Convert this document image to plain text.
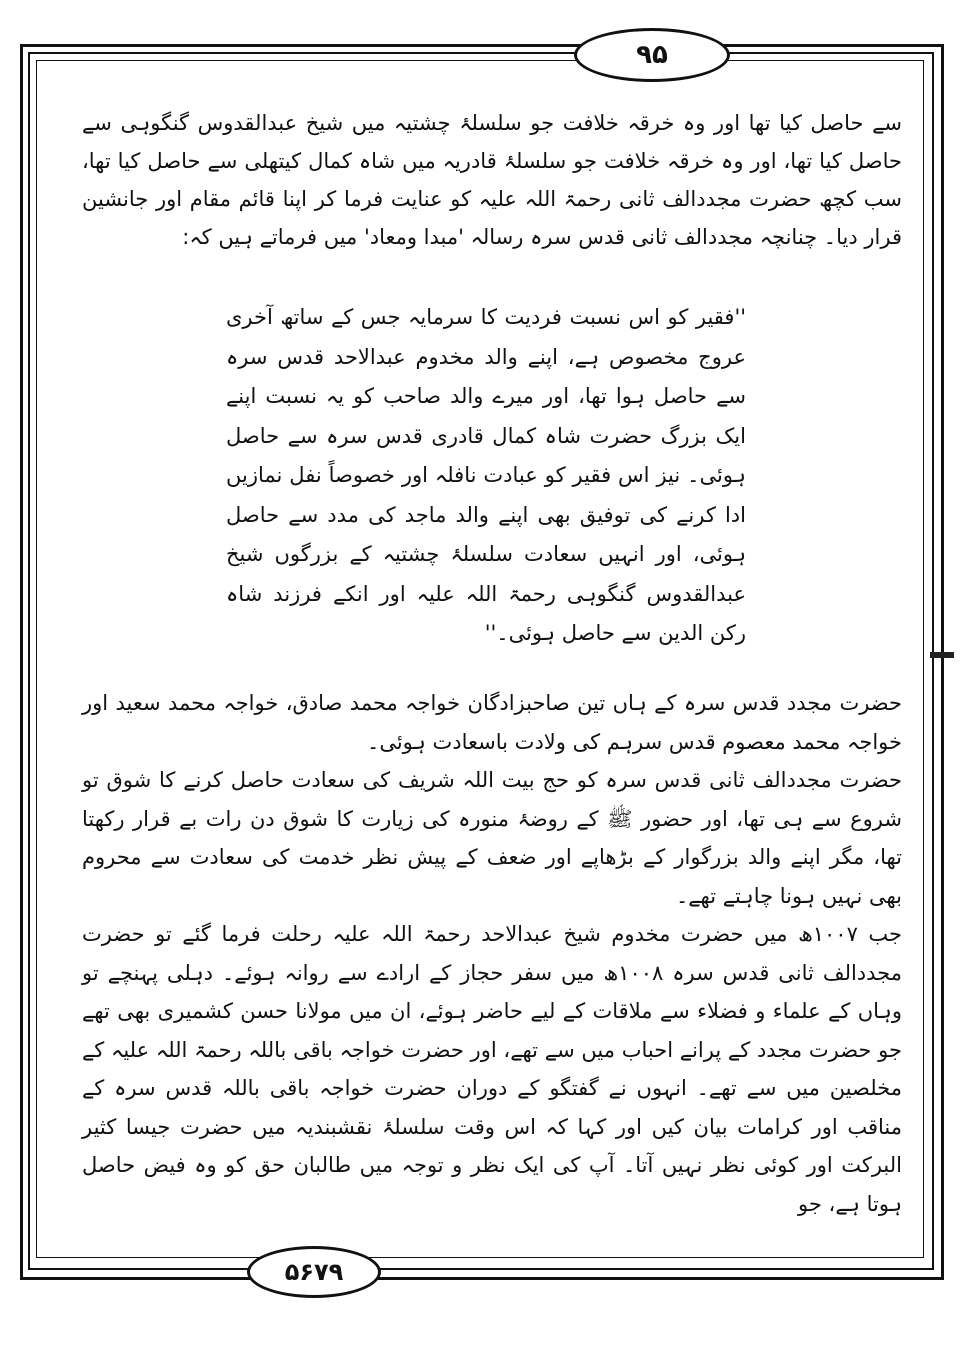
۹۵

سے حاصل کیا تھا اور وہ خرقہ خلافت جو سلسلۂ چشتیہ میں شیخ عبدالقدوس گنگوہی سے حاصل کیا تھا، اور وہ خرقہ خلافت جو سلسلۂ قادریہ میں شاہ کمال کیتھلی سے حاصل کیا تھا، سب کچھ حضرت مجددالف ثانی رحمۃ اللہ علیہ کو عنایت فرما کر اپنا قائم مقام اور جانشین قرار دیا۔ چنانچہ مجددالف ثانی قدس سرہ رسالہ 'مبدا ومعاد' میں فرماتے ہیں کہ:

''فقیر کو اس نسبت فردیت کا سرمایہ جس کے ساتھ آخری عروج مخصوص ہے، اپنے والد مخدوم عبدالاحد قدس سرہ سے حاصل ہوا تھا، اور میرے والد صاحب کو یہ نسبت اپنے ایک بزرگ حضرت شاہ کمال قادری قدس سرہ سے حاصل ہوئی۔ نیز اس فقیر کو عبادت نافلہ اور خصوصاً نفل نمازیں ادا کرنے کی توفیق بھی اپنے والد ماجد کی مدد سے حاصل ہوئی، اور انہیں سعادت سلسلۂ چشتیہ کے بزرگوں شیخ عبدالقدوس گنگوہی رحمۃ اللہ علیہ اور انکے فرزند شاہ رکن الدین سے حاصل ہوئی۔''

حضرت مجدد قدس سرہ کے ہاں تین صاحبزادگان خواجہ محمد صادق، خواجہ محمد سعید اور خواجہ محمد معصوم قدس سرہم کی ولادت باسعادت ہوئی۔

حضرت مجددالف ثانی قدس سرہ کو حج بیت اللہ شریف کی سعادت حاصل کرنے کا شوق تو شروع سے ہی تھا، اور حضور ﷺ کے روضۂ منورہ کی زیارت کا شوق دن رات بے قرار رکھتا تھا، مگر اپنے والد بزرگوار کے بڑھاپے اور ضعف کے پیش نظر خدمت کی سعادت سے محروم بھی نہیں ہونا چاہتے تھے۔

جب ۱۰۰۷ھ میں حضرت مخدوم شیخ عبدالاحد رحمۃ اللہ علیہ رحلت فرما گئے تو حضرت مجددالف ثانی قدس سرہ ۱۰۰۸ھ میں سفر حجاز کے ارادے سے روانہ ہوئے۔ دہلی پہنچے تو وہاں کے علماء و فضلاء سے ملاقات کے لیے حاضر ہوئے، ان میں مولانا حسن کشمیری بھی تھے جو حضرت مجدد کے پرانے احباب میں سے تھے، اور حضرت خواجہ باقی باللہ رحمۃ اللہ علیہ کے مخلصین میں سے تھے۔ انہوں نے گفتگو کے دوران حضرت خواجہ باقی باللہ قدس سرہ کے مناقب اور کرامات بیان کیں اور کہا کہ اس وقت سلسلۂ نقشبندیہ میں حضرت جیسا کثیر البرکت اور کوئی نظر نہیں آتا۔ آپ کی ایک نظر و توجہ میں طالبان حق کو وہ فیض حاصل ہوتا ہے، جو

۵۶۷۹
